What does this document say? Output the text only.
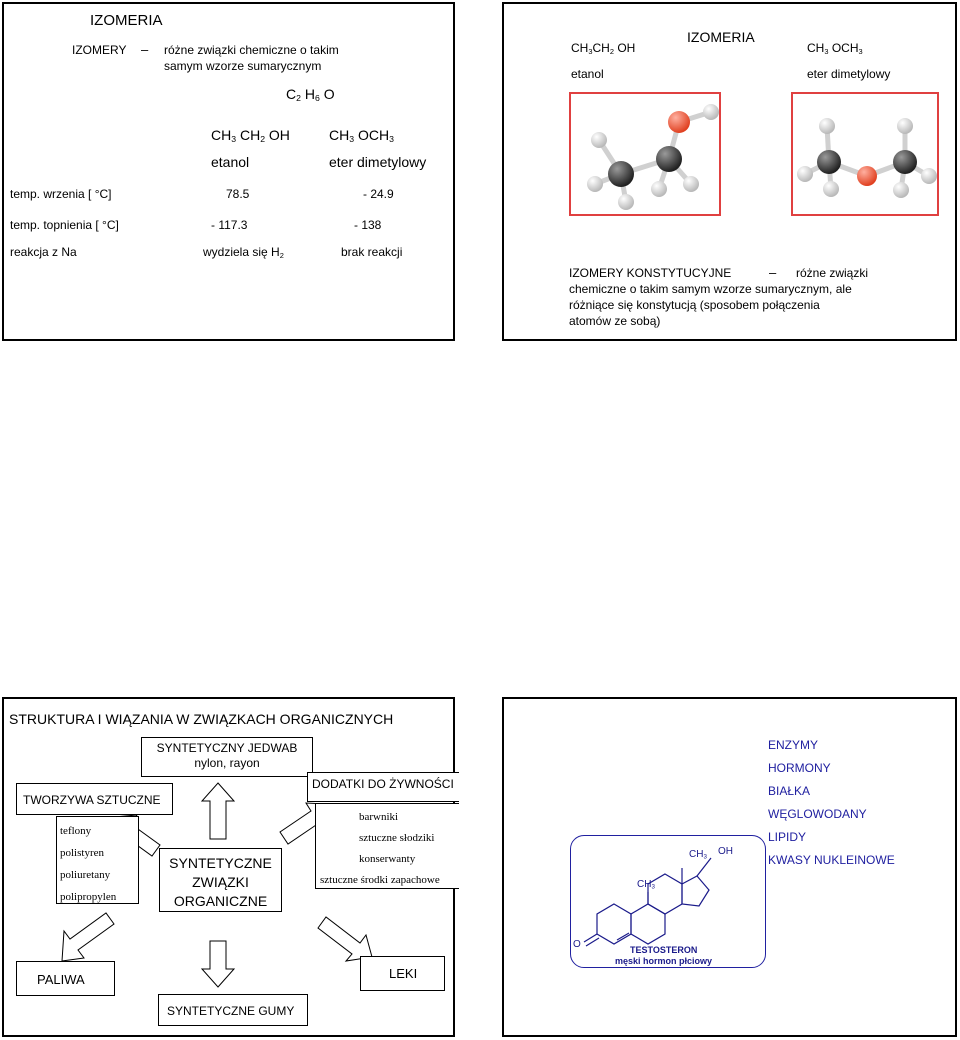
IZOMERIA
IZOMERY – różne związki chemiczne o takim
samym wzorze sumarycznym
$C_2$ $H_6$ O
$CH_3$ $CH_2$ OH	$CH_3$ $OCH_3$
etanol	eter dimetylowy
temp. wrzenia [ °C]	78.5	- 24.9
temp. topnienia [ °C]	- 117.3	- 138
reakcja z Na	wydziela się $H_2$	brak reakcji
IZOMERIA
$CH_3CH_2$ OH
etanol
$CH_3$ $OCH_3$
eter dimetylowy
IZOMERY KONSTYTUCYJNE	– różne związki
chemiczne o takim samym wzorze sumarycznym, ale
różniące się konstytucją (sposobem połączenia
atomów ze sobą)
STRUKTURA I WIĄZANIA W ZWIĄZKACH ORGANICZNYCH
SYNTETYCZNY JEDWAB
nylon, rayon
DODATKI DO ŻYWNOŚCI
TWORZYWA SZTUCZNE
teflony
polistyren
poliuretany
polipropylen
barwniki
sztuczne słodziki
konserwanty
sztuczne środki zapachowe
SYNTETYCZNE
ZWIĄZKI
ORGANICZNE
PALIWA	LEKI
SYNTETYCZNE GUMY
ENZYMY
HORMONY
BIAŁKA
WĘGLOWODANY
LIPIDY
KWASY NUKLEINOWE
$CH_3$
OH
$CH_3$
O	TESTOSTERON
męski hormon płciowy
